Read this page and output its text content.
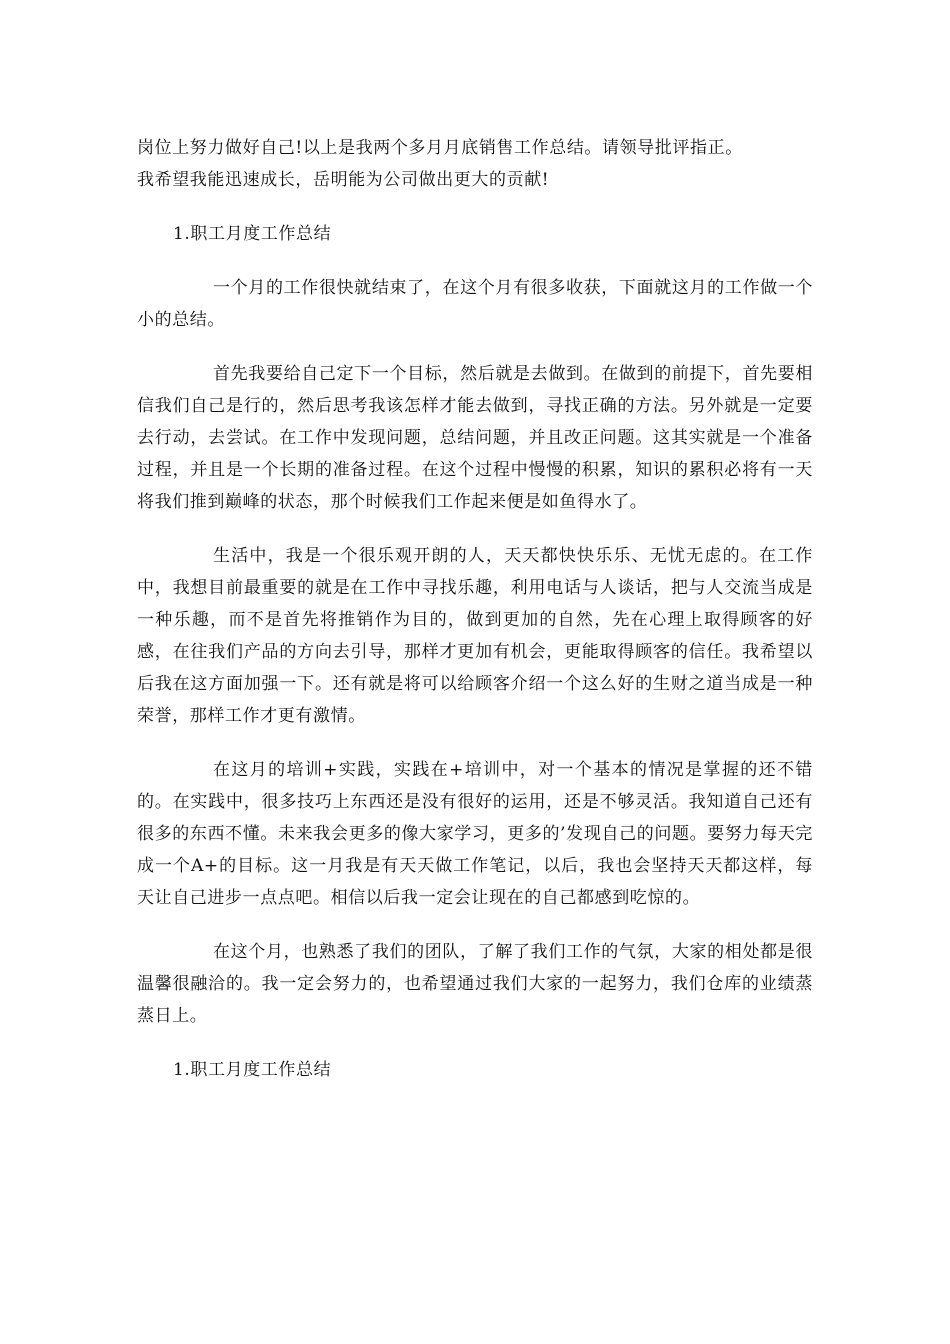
岗位上努力做好自己!以上是我两个多月月底销售工作总结。请领导批评指正。
我希望我能迅速成长，岳明能为公司做出更大的贡献!

1.职工月度工作总结

一个月的工作很快就结束了，在这个月有很多收获，下面就这月的工作做一个小的总结。

首先我要给自己定下一个目标，然后就是去做到。在做到的前提下，首先要相信我们自己是行的，然后思考我该怎样才能去做到，寻找正确的方法。另外就是一定要去行动，去尝试。在工作中发现问题，总结问题，并且改正问题。这其实就是一个准备过程，并且是一个长期的准备过程。在这个过程中慢慢的积累，知识的累积必将有一天将我们推到巅峰的状态，那个时候我们工作起来便是如鱼得水了。

生活中，我是一个很乐观开朗的人，天天都快快乐乐、无忧无虑的。在工作中，我想目前最重要的就是在工作中寻找乐趣，利用电话与人谈话，把与人交流当成是一种乐趣，而不是首先将推销作为目的，做到更加的自然，先在心理上取得顾客的好感，在往我们产品的方向去引导，那样才更加有机会，更能取得顾客的信任。我希望以后我在这方面加强一下。还有就是将可以给顾客介绍一个这么好的生财之道当成是一种荣誉，那样工作才更有激情。

在这月的培训+实践，实践在+培训中，对一个基本的情况是掌握的还不错的。在实践中，很多技巧上东西还是没有很好的运用，还是不够灵活。我知道自己还有很多的东西不懂。未来我会更多的像大家学习，更多的’发现自己的问题。要努力每天完成一个A+的目标。这一月我是有天天做工作笔记，以后，我也会坚持天天都这样，每天让自己进步一点点吧。相信以后我一定会让现在的自己都感到吃惊的。

在这个月，也熟悉了我们的团队，了解了我们工作的气氛，大家的相处都是很温馨很融洽的。我一定会努力的，也希望通过我们大家的一起努力，我们仓库的业绩蒸蒸日上。

1.职工月度工作总结
